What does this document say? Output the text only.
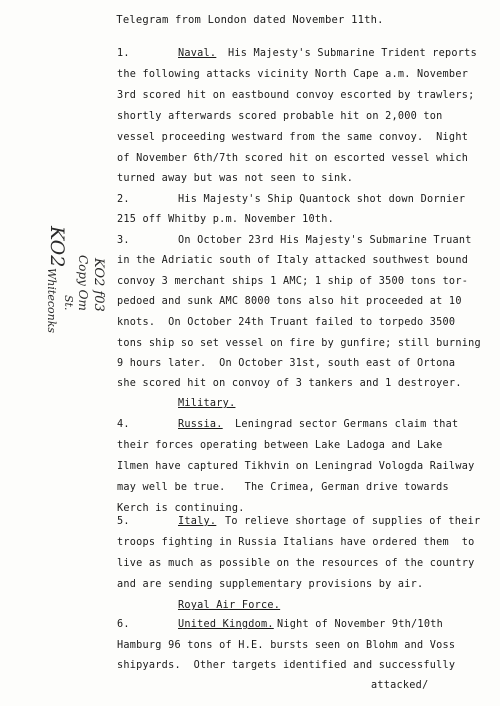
Telegram from London dated November 11th.
1.	Naval. His Majesty's Submarine Trident reports
the following attacks vicinity North Cape a.m. November
3rd scored hit on eastbound convoy escorted by trawlers;
shortly afterwards scored probable hit on 2,000 ton
vessel proceeding westward from the same convoy.  Night
of November 6th/7th scored hit on escorted vessel which
turned away but was not seen to sink.
2.	His Majesty's Ship Quantock shot down Dornier
215 off Whitby p.m. November 10th.
3.	On October 23rd His Majesty's Submarine Truant
in the Adriatic south of Italy attacked southwest bound
convoy 3 merchant ships 1 AMC; 1 ship of 3500 tons tor-
pedoed and sunk AMC 8000 tons also hit proceeded at 10
knots.  On October 24th Truant failed to torpedo 3500
tons ship so set vessel on fire by gunfire; still burning
9 hours later.  On October 31st, south east of Ortona
she scored hit on convoy of 3 tankers and 1 destroyer.
Military.
4.	Russia. Leningrad sector Germans claim that
their forces operating between Lake Ladoga and Lake
Ilmen have captured Tikhvin on Leningrad Vologda Railway
may well be true.   The Crimea, German drive towards
Kerch is continuing.
5.	Italy. To relieve shortage of supplies of their
troops fighting in Russia Italians have ordered them  to
live as much as possible on the resources of the country
and are sending supplementary provisions by air.
Royal Air Force.
6.	United Kingdom. Night of November 9th/10th
Hamburg 96 tons of H.E. bursts seen on Blohm and Voss
shipyards.  Other targets identified and successfully
attacked/
KO2
KO2 f03
Copy Om
St.
Whiteconks
